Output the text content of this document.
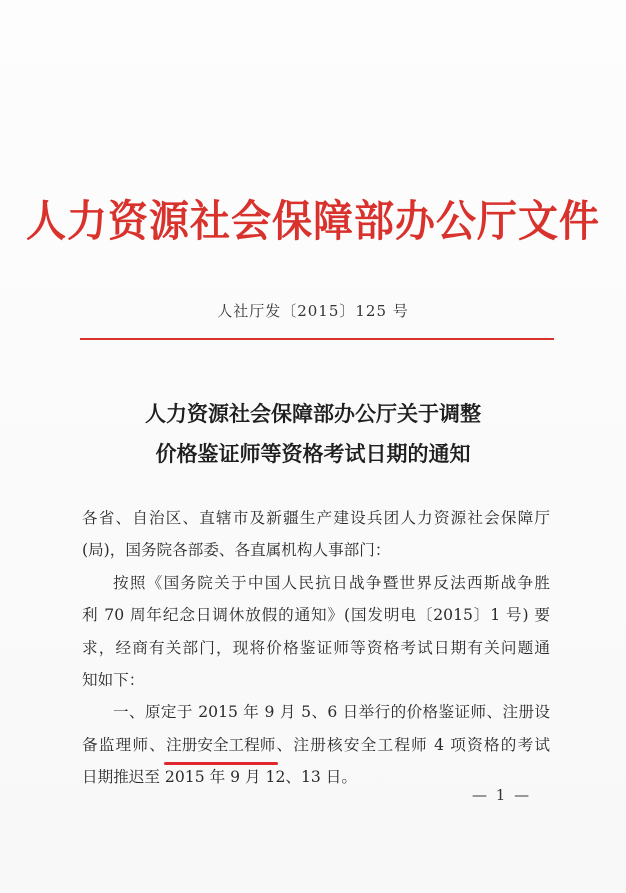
人力资源社会保障部办公厅文件
人社厅发〔2015〕125 号
人力资源社会保障部办公厅关于调整
价格鉴证师等资格考试日期的通知
各省、自治区、直辖市及新疆生产建设兵团人力资源社会保障厅
(局)，国务院各部委、各直属机构人事部门：
按照《国务院关于中国人民抗日战争暨世界反法西斯战争胜
利 70 周年纪念日调休放假的通知》(国发明电〔2015〕1 号) 要
求，经商有关部门，现将价格鉴证师等资格考试日期有关问题通
知如下：
一、原定于 2015 年 9 月 5、6 日举行的价格鉴证师、注册设
备监理师、注册安全工程师、注册核安全工程师 4 项资格的考试
日期推迟至 2015 年 9 月 12、13 日。
— 1 —
